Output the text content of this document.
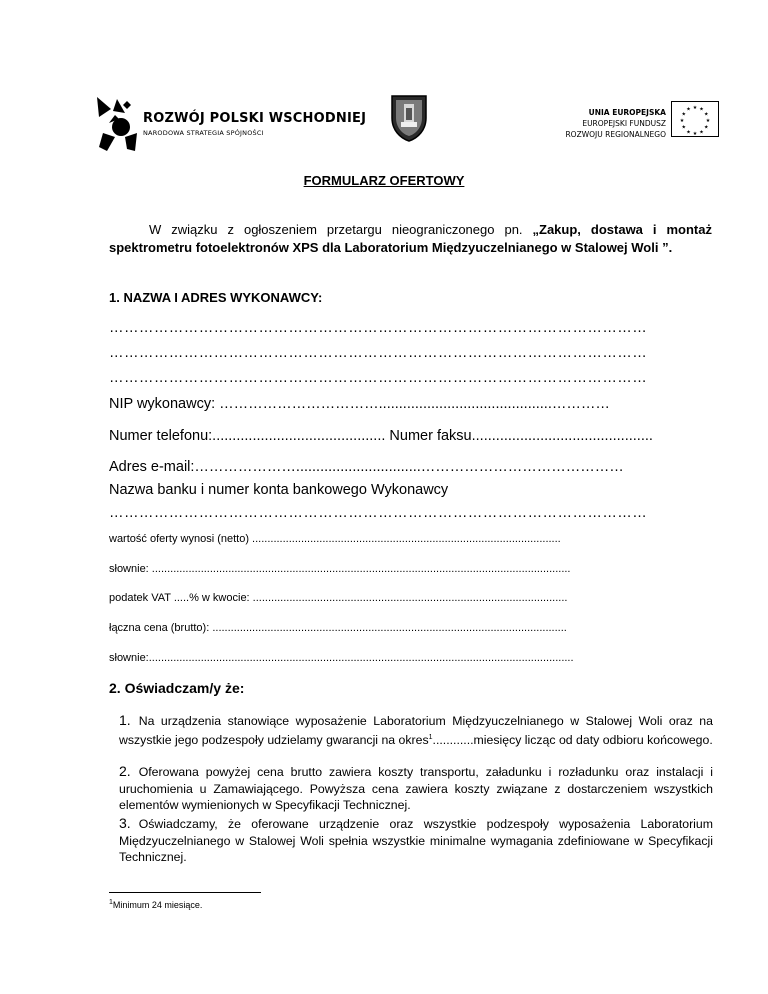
ROZWÓJ POLSKI WSCHODNIEJ
NARODOWA STRATEGIA SPÓJNOŚCI
UNIA EUROPEJSKA
EUROPEJSKI FUNDUSZ
ROZWOJU REGIONALNEGO
★ ★
★
★
★
★
★
★
★
★
★
★
FORMULARZ OFERTOWY
W związku z ogłoszeniem przetargu nieograniczonego pn. „Zakup, dostawa i montaż spektrometru fotoelektronów XPS dla Laboratorium Międzyuczelnianego w Stalowej Woli ”.
1. NAZWA I ADRES WYKONAWCY:
………………………………………………………………………………………………
………………………………………………………………………………………………
………………………………………………………………………………………………
NIP wykonawcy: ……………………………...........................................…………
Numer telefonu:........................................... Numer faksu.............................................
Adres e-mail:…………………...............................……………………………………
Nazwa banku i numer konta bankowego Wykonawcy
………………………………………………………………………………………………
wartość oferty wynosi (netto) .....................................................................................................
słownie: .........................................................................................................................................
podatek VAT .....% w kwocie: .......................................................................................................
łączna cena (brutto): ....................................................................................................................
słownie:...........................................................................................................................................
2. Oświadczam/y że:
1. Na urządzenia stanowiące wyposażenie Laboratorium Międzyuczelnianego w Stalowej Woli oraz na wszystkie jego podzespoły udzielamy gwarancji na okres$^1$............miesięcy licząc od daty odbioru końcowego.
2. Oferowana powyżej cena brutto zawiera koszty transportu, załadunku i rozładunku oraz instalacji i uruchomienia u Zamawiającego. Powyższa cena zawiera koszty związane z dostarczeniem wszystkich elementów wymienionych w Specyfikacji Technicznej.
3. Oświadczamy, że oferowane urządzenie oraz wszystkie podzespoły wyposażenia Laboratorium Międzyuczelnianego w Stalowej Woli spełnia wszystkie minimalne wymagania zdefiniowane w Specyfikacji Technicznej.
$^1$Minimum 24 miesiące.
